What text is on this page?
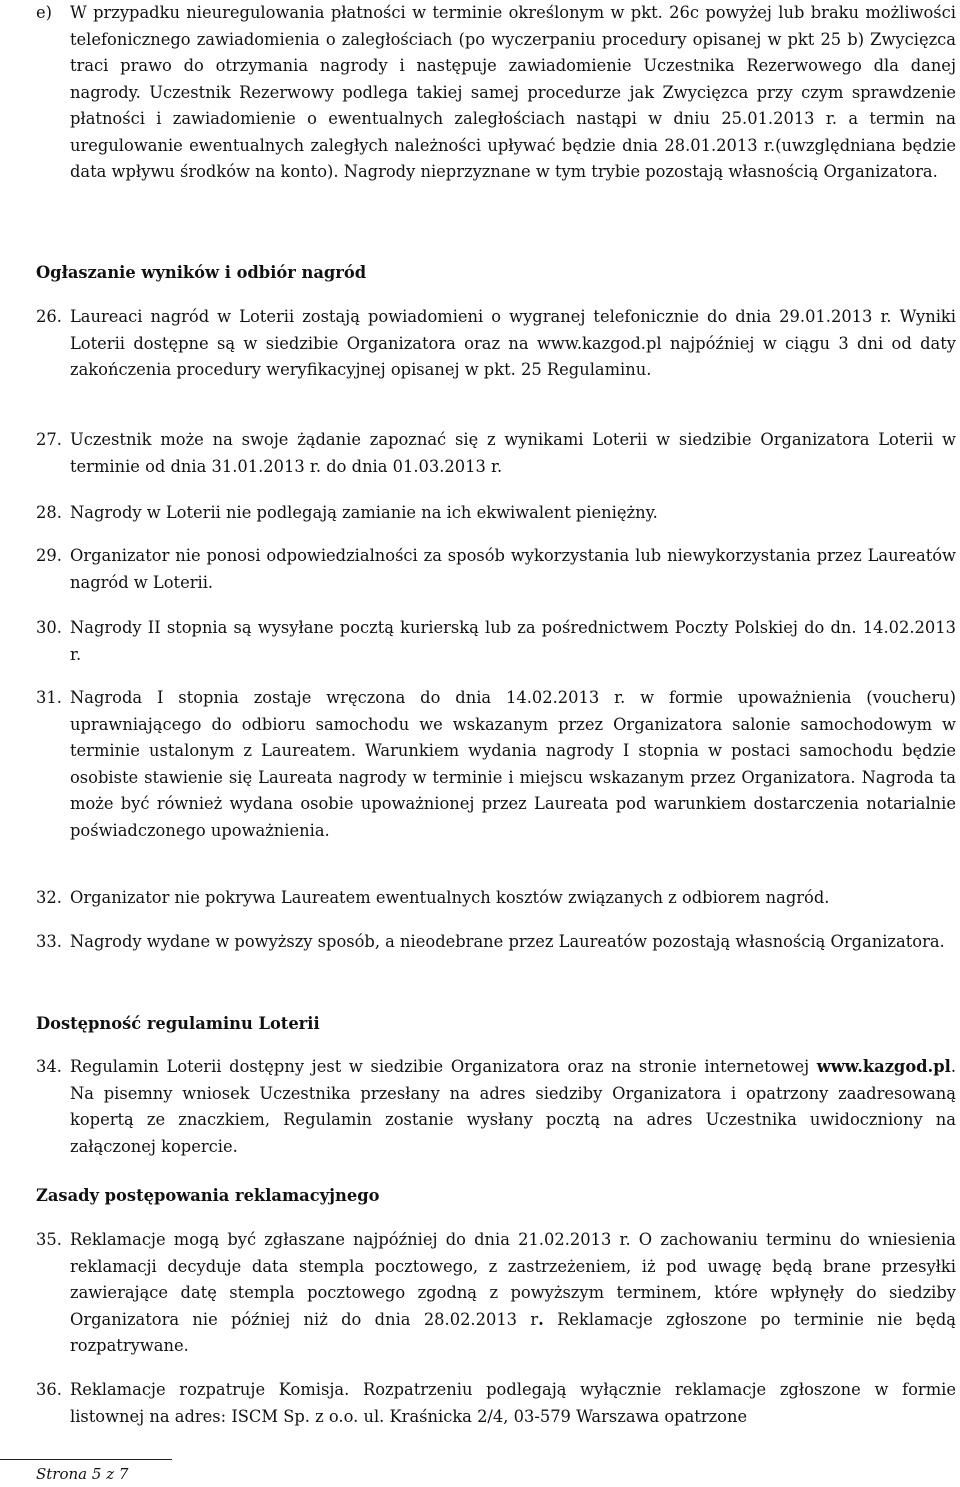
e)	W przypadku nieuregulowania płatności w terminie określonym w pkt. 26c powyżej lub braku możliwości telefonicznego zawiadomienia o zaległościach (po wyczerpaniu procedury opisanej w pkt 25 b) Zwycięzca traci prawo do otrzymania nagrody i następuje zawiadomienie Uczestnika Rezerwowego dla danej nagrody. Uczestnik Rezerwowy podlega takiej samej procedurze jak Zwycięzca przy czym sprawdzenie płatności i zawiadomienie o ewentualnych zaległościach nastąpi w dniu 25.01.2013 r. a termin na uregulowanie ewentualnych zaległych należności upływać będzie dnia 28.01.2013 r.(uwzględniana będzie data wpływu środków na konto). Nagrody nieprzyznane w tym trybie pozostają własnością Organizatora.
Ogłaszanie wyników i odbiór nagród
26. Laureaci nagród w Loterii zostają powiadomieni o wygranej telefonicznie do dnia 29.01.2013 r. Wyniki Loterii dostępne są w siedzibie Organizatora oraz na www.kazgod.pl najpóźniej w ciągu 3 dni od daty zakończenia procedury weryfikacyjnej opisanej w pkt. 25 Regulaminu.
27. Uczestnik może na swoje żądanie zapoznać się z wynikami Loterii w siedzibie Organizatora Loterii w terminie od dnia 31.01.2013 r. do dnia 01.03.2013 r.
28. Nagrody w Loterii nie podlegają zamianie na ich ekwiwalent pieniężny.
29. Organizator nie ponosi odpowiedzialności za sposób wykorzystania lub niewykorzystania przez Laureatów nagród w Loterii.
30. Nagrody II stopnia są wysyłane pocztą kurierską lub za pośrednictwem Poczty Polskiej do dn. 14.02.2013 r.
31. Nagroda I stopnia zostaje wręczona do dnia 14.02.2013 r. w formie upoważnienia (voucheru) uprawniającego do odbioru samochodu we wskazanym przez Organizatora salonie samochodowym w terminie ustalonym z Laureatem. Warunkiem wydania nagrody I stopnia w postaci samochodu będzie osobiste stawienie się Laureata nagrody w terminie i miejscu wskazanym przez Organizatora. Nagroda ta może być również wydana osobie upoważnionej przez Laureata pod warunkiem dostarczenia notarialnie poświadczonego upoważnienia.
32. Organizator nie pokrywa Laureatem ewentualnych kosztów związanych z odbiorem nagród.
33. Nagrody wydane w powyższy sposób, a nieodebrane przez Laureatów pozostają własnością Organizatora.
Dostępność regulaminu Loterii
34. Regulamin Loterii dostępny jest w siedzibie Organizatora oraz na stronie internetowej www.kazgod.pl. Na pisemny wniosek Uczestnika przesłany na adres siedziby Organizatora i opatrzony zaadresowaną kopertą ze znaczkiem, Regulamin zostanie wysłany pocztą na adres Uczestnika uwidoczniony na załączonej kopercie.
Zasady postępowania reklamacyjnego
35. Reklamacje mogą być zgłaszane najpóźniej do dnia 21.02.2013 r. O zachowaniu terminu do wniesienia reklamacji decyduje data stempla pocztowego, z zastrzeżeniem, iż pod uwagę będą brane przesyłki zawierające datę stempla pocztowego zgodną z powyższym terminem, które wpłynęły do siedziby Organizatora nie później niż do dnia 28.02.2013 r. Reklamacje zgłoszone po terminie nie będą rozpatrywane.
36. Reklamacje rozpatruje Komisja. Rozpatrzeniu podlegają wyłącznie reklamacje zgłoszone w formie listownej na adres: ISCM Sp. z o.o. ul. Kraśnicka 2/4, 03-579 Warszawa opatrzone
Strona 5 z 7
